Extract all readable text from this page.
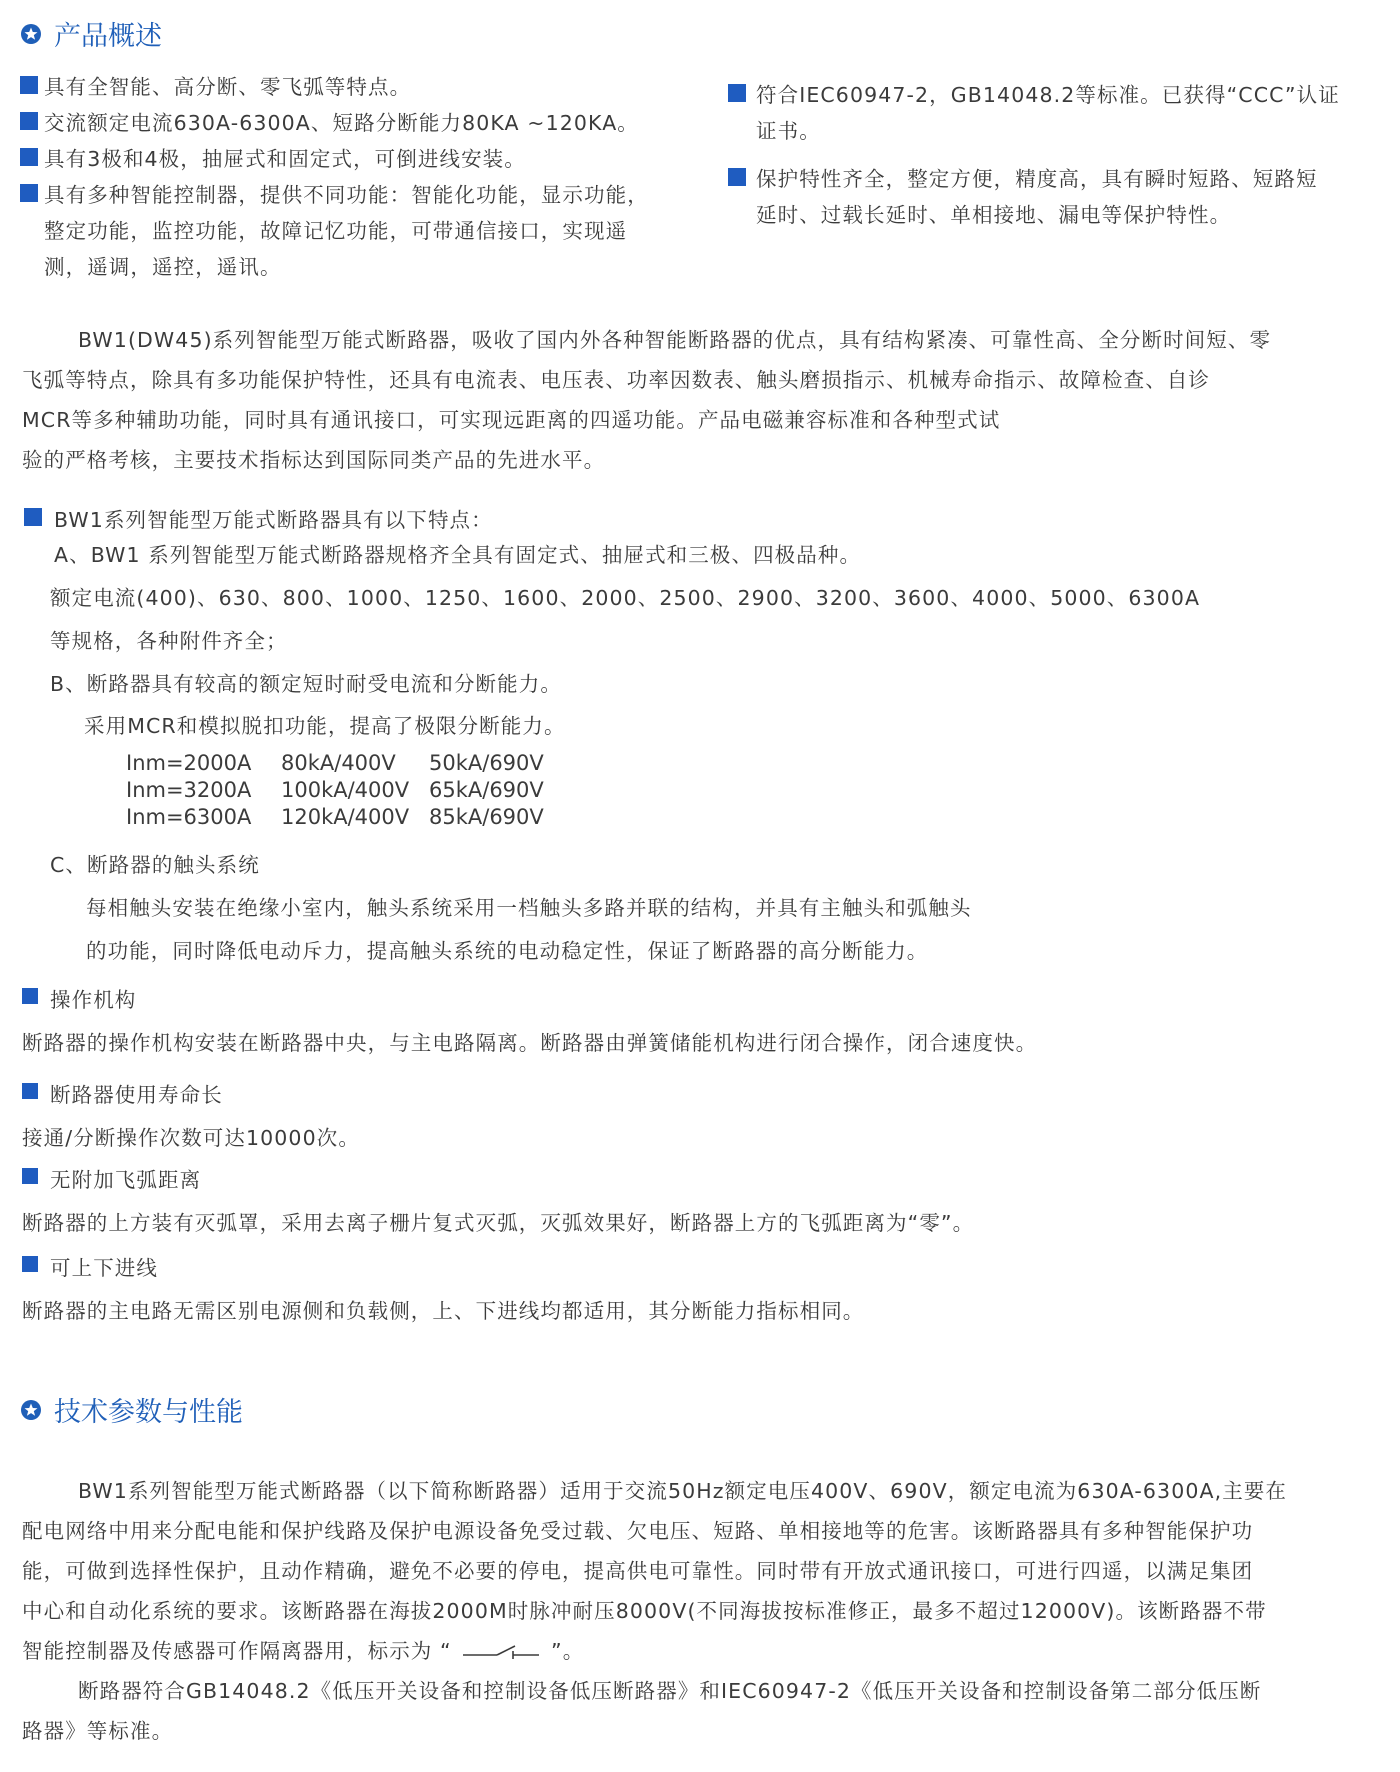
产品概述
具有全智能、高分断、零飞弧等特点。
交流额定电流630A-6300A、短路分断能力80KA ~120KA。
具有3极和4极，抽屉式和固定式，可倒进线安装。
具有多种智能控制器，提供不同功能：智能化功能，显示功能，
整定功能，监控功能，故障记忆功能，可带通信接口，实现遥
测，遥调，遥控，遥讯。
符合IEC60947-2，GB14048.2等标准。已获得“CCC”认证
证书。
保护特性齐全，整定方便，精度高，具有瞬时短路、短路短
延时、过载长延时、单相接地、漏电等保护特性。
BW1(DW45)系列智能型万能式断路器，吸收了国内外各种智能断路器的优点，具有结构紧凑、可靠性高、全分断时间短、零
飞弧等特点，除具有多功能保护特性，还具有电流表、电压表、功率因数表、触头磨损指示、机械寿命指示、故障检查、自诊
MCR等多种辅助功能，同时具有通讯接口，可实现远距离的四遥功能。产品电磁兼容标准和各种型式试
验的严格考核，主要技术指标达到国际同类产品的先进水平。
BW1系列智能型万能式断路器具有以下特点：
A、BW1 系列智能型万能式断路器规格齐全具有固定式、抽屉式和三极、四极品种。
额定电流(400)、630、800、1000、1250、1600、2000、2500、2900、3200、3600、4000、5000、6300A
等规格，各种附件齐全；
B、断路器具有较高的额定短时耐受电流和分断能力。
采用MCR和模拟脱扣功能，提高了极限分断能力。
Inm=2000A	80kA/400V	50kA/690V
Inm=3200A	100kA/400V 65kA/690V
Inm=6300A	120kA/400V 85kA/690V
C、断路器的触头系统
每相触头安装在绝缘小室内，触头系统采用一档触头多路并联的结构，并具有主触头和弧触头
的功能，同时降低电动斥力，提高触头系统的电动稳定性，保证了断路器的高分断能力。
操作机构
断路器的操作机构安装在断路器中央，与主电路隔离。断路器由弹簧储能机构进行闭合操作，闭合速度快。
断路器使用寿命长
接通/分断操作次数可达10000次。
无附加飞弧距离
断路器的上方装有灭弧罩，采用去离子栅片复式灭弧，灭弧效果好，断路器上方的飞弧距离为“零”。
可上下进线
断路器的主电路无需区别电源侧和负载侧，上、下进线均都适用，其分断能力指标相同。
技术参数与性能
BW1系列智能型万能式断路器（以下简称断路器）适用于交流50Hz额定电压400V、690V，额定电流为630A-6300A,主要在
配电网络中用来分配电能和保护线路及保护电源设备免受过载、欠电压、短路、单相接地等的危害。该断路器具有多种智能保护功
能，可做到选择性保护，且动作精确，避免不必要的停电，提高供电可靠性。同时带有开放式通讯接口，可进行四遥，以满足集团
中心和自动化系统的要求。该断路器在海拔2000M时脉冲耐压8000V(不同海拔按标准修正，最多不超过12000V)。该断路器不带
智能控制器及传感器可作隔离器用，标示为 “	”。
断路器符合GB14048.2《低压开关设备和控制设备低压断路器》和IEC60947-2《低压开关设备和控制设备第二部分低压断
路器》等标准。
